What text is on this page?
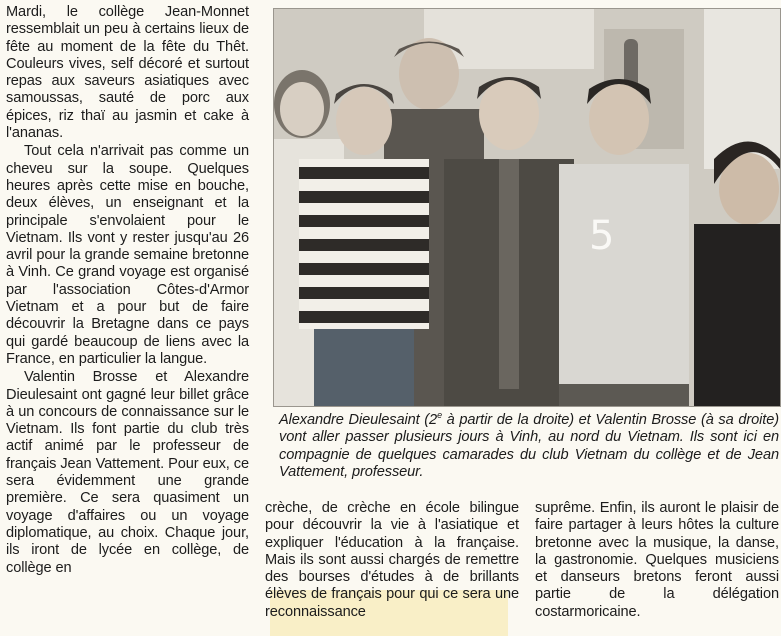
Mardi, le collège Jean-Monnet ressemblait un peu à certains lieux de fête au moment de la fête du Thêt. Couleurs vives, self décoré et surtout repas aux saveurs asiatiques avec samoussas, sauté de porc aux épices, riz thaï au jasmin et cake à l'ananas.

Tout cela n'arrivait pas comme un cheveu sur la soupe. Quelques heures après cette mise en bouche, deux élèves, un enseignant et la principale s'envolaient pour le Vietnam. Ils vont y rester jusqu'au 26 avril pour la grande semaine bretonne à Vinh. Ce grand voyage est organisé par l'association Côtes-d'Armor Vietnam et a pour but de faire découvrir la Bretagne dans ce pays qui gardé beaucoup de liens avec la France, en particulier la langue.

Valentin Brosse et Alexandre Dieulesaint ont gagné leur billet grâce à un concours de connaissance sur le Vietnam. Ils font partie du club très actif animé par le professeur de français Jean Vattement. Pour eux, ce sera évidemment une grande première. Ce sera quasiment un voyage d'affaires ou un voyage diplomatique, au choix. Chaque jour, ils iront de lycée en collège, de collège en

5
Alexandre Dieulesaint (2e à partir de la droite) et Valentin Brosse (à sa droite) vont aller passer plusieurs jours à Vinh, au nord du Vietnam. Ils sont ici en compagnie de quelques camarades du club Vietnam du collège et de Jean Vattement, professeur.

crèche, de crèche en école bilingue pour découvrir la vie à l'asiatique et expliquer l'éducation à la française. Mais ils sont aussi chargés de remettre des bourses d'études à de brillants élèves de français pour qui ce sera une reconnaissance

suprême. Enfin, ils auront le plaisir de faire partager à leurs hôtes la culture bretonne avec la musique, la danse, la gastronomie. Quelques musiciens et danseurs bretons feront aussi partie de la délégation costarmoricaine.
